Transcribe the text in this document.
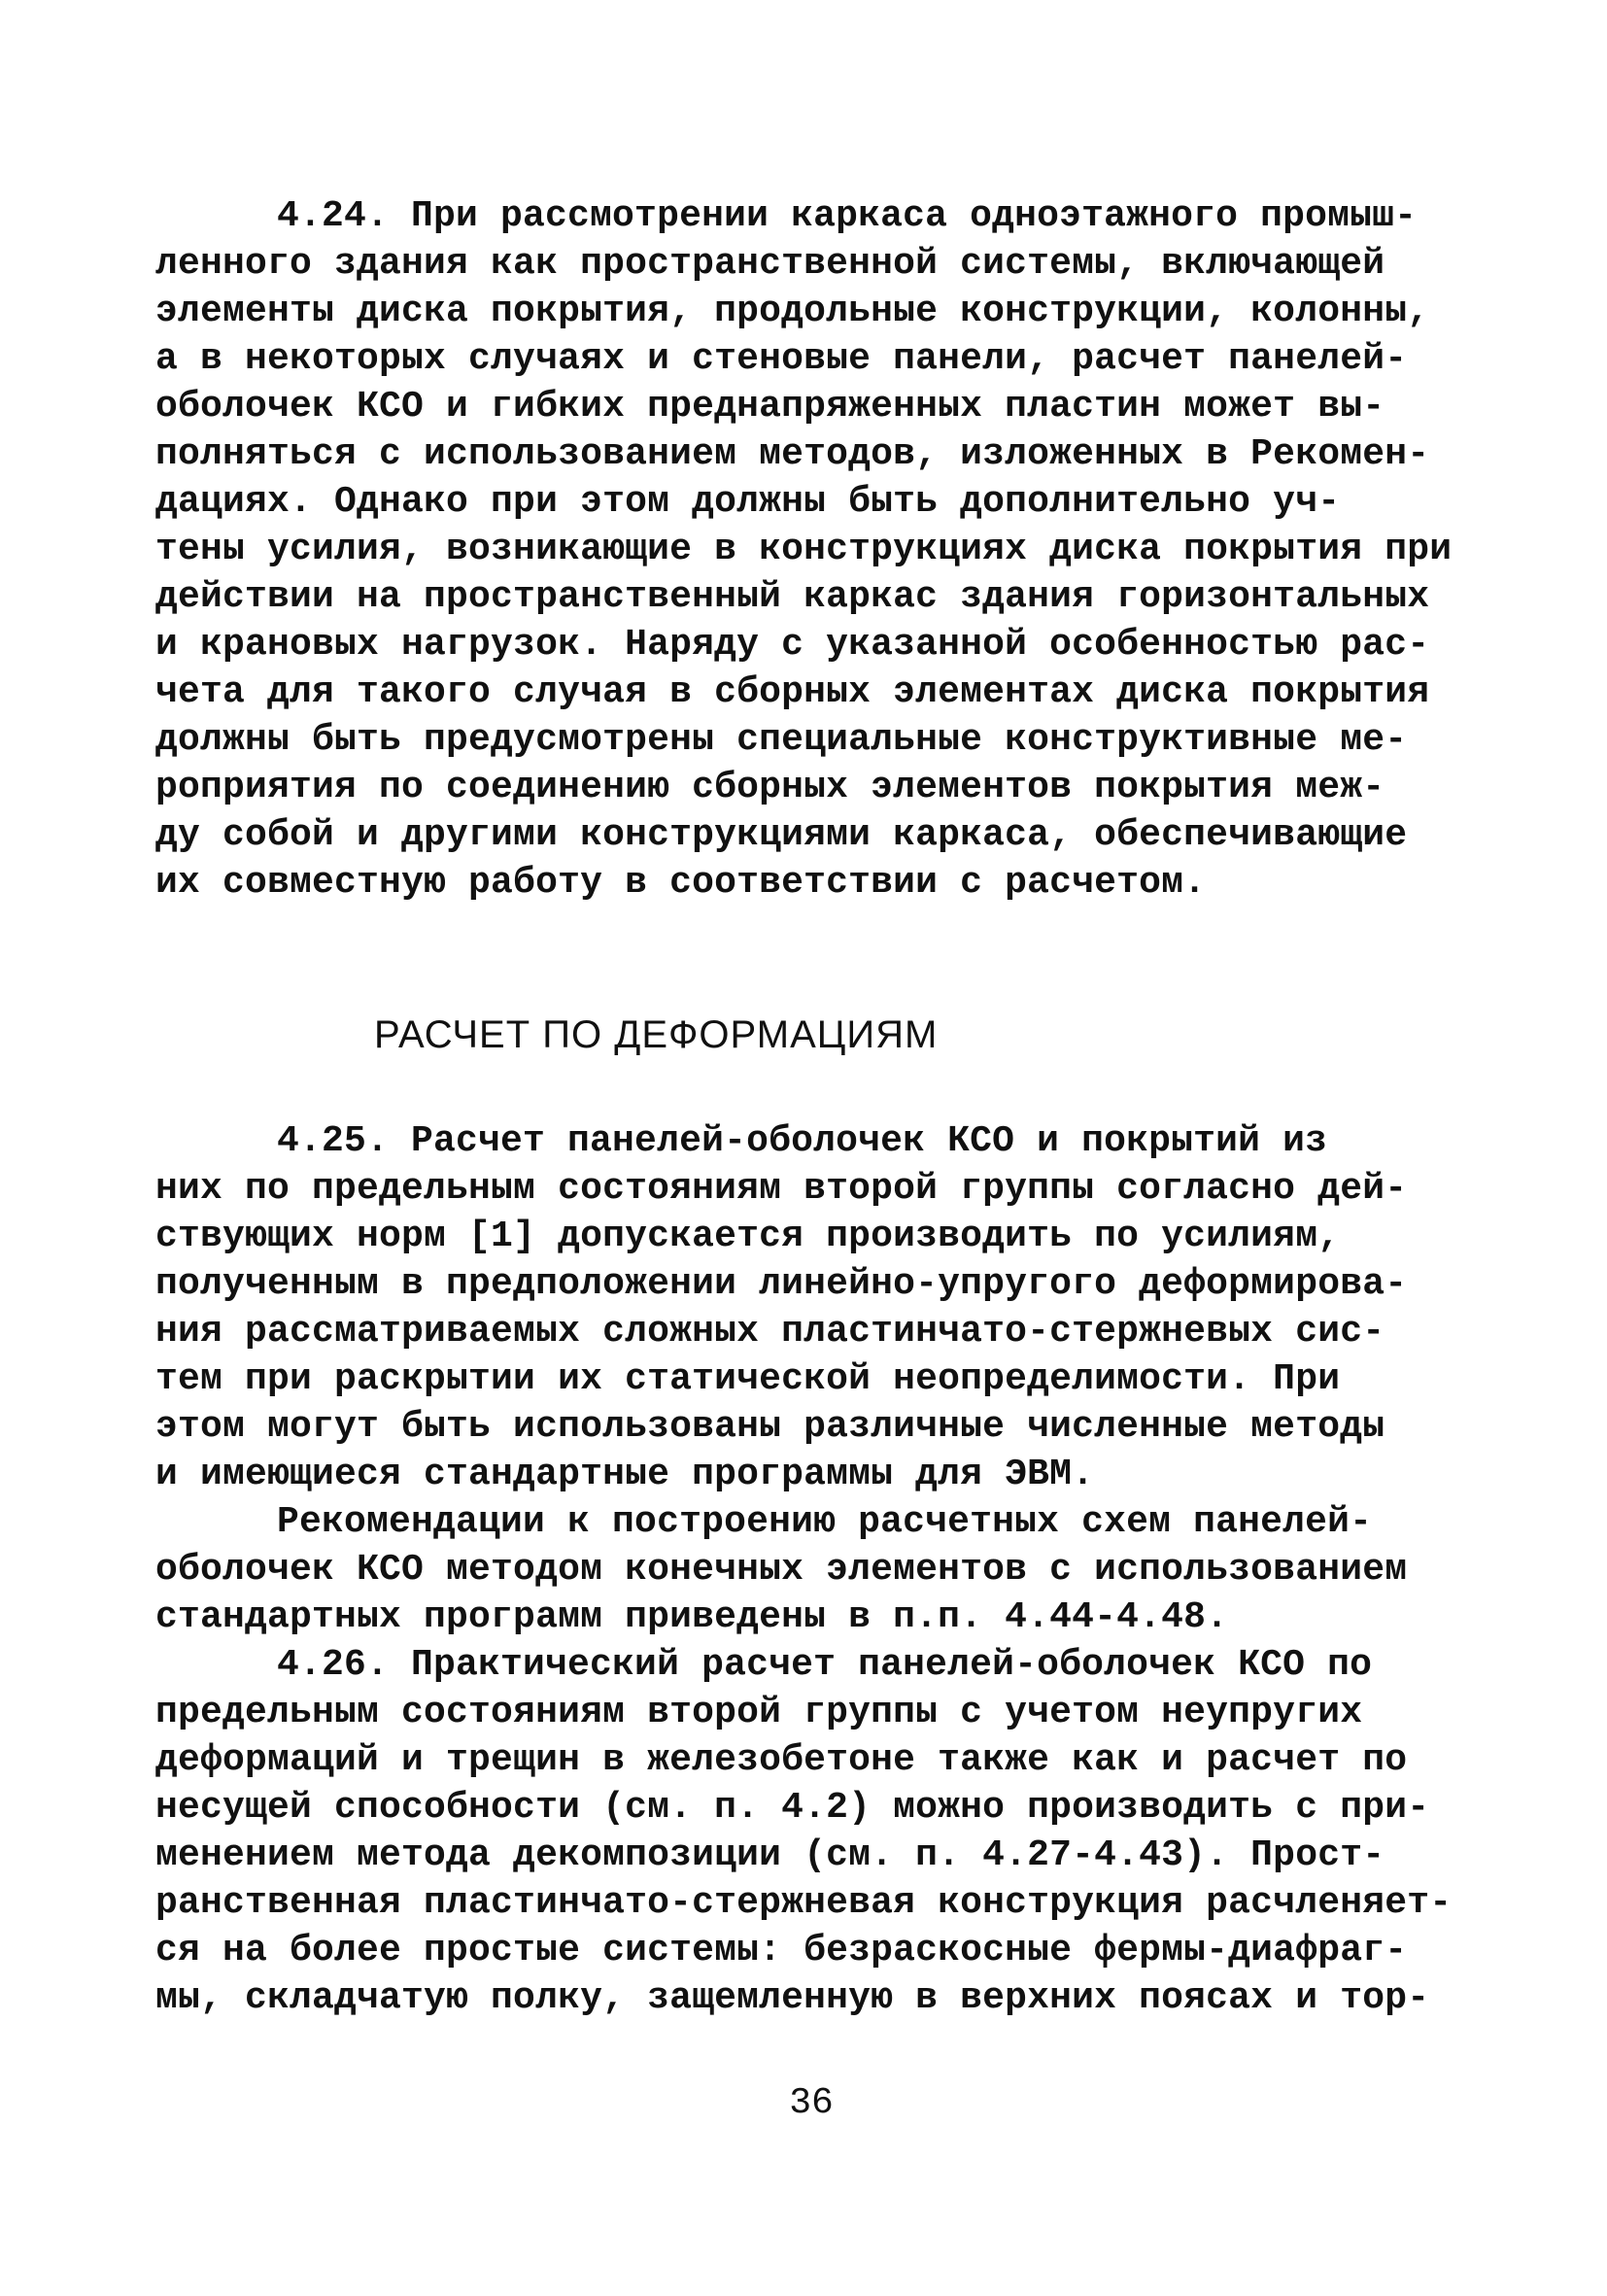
4.24. При рассмотрении каркаса одноэтажного промыш-
ленного здания как пространственной системы, включающей
элементы диска покрытия, продольные конструкции, колонны,
а в некоторых случаях и стеновые панели, расчет панелей-
оболочек КСО и гибких преднапряженных пластин может вы-
полняться с использованием методов, изложенных в Рекомен-
дациях. Однако при этом должны быть дополнительно уч-
тены усилия, возникающие в конструкциях диска покрытия при
действии на пространственный каркас здания горизонтальных
и крановых нагрузок. Наряду с указанной особенностью рас-
чета для такого случая в сборных элементах диска покрытия
должны быть предусмотрены специальные конструктивные ме-
роприятия по соединению сборных элементов покрытия меж-
ду собой и другими конструкциями каркаса, обеспечивающие
их совместную работу в соответствии с расчетом.
РАСЧЕТ ПО ДЕФОРМАЦИЯМ
4.25. Расчет панелей-оболочек КСО и покрытий из
них по предельным состояниям второй группы согласно дей-
ствующих норм [1] допускается производить по усилиям,
полученным в предположении линейно-упругого деформирова-
ния рассматриваемых сложных пластинчато-стержневых сис-
тем при раскрытии их статической неопределимости. При
этом могут быть использованы различные численные методы
и имеющиеся стандартные программы для ЭВМ.
Рекомендации к построению расчетных схем панелей-
оболочек КСО методом конечных элементов с использованием
стандартных программ приведены в п.п. 4.44-4.48.
4.26. Практический расчет панелей-оболочек КСО по
предельным состояниям второй группы с учетом неупругих
деформаций и трещин в железобетоне также как и расчет по
несущей способности (см. п. 4.2) можно производить с при-
менением метода декомпозиции (см. п. 4.27-4.43). Прост-
ранственная пластинчато-стержневая конструкция расчленяет-
ся на более простые системы: безраскосные фермы-диафраг-
мы, складчатую полку, защемленную в верхних поясах и тор-
36
